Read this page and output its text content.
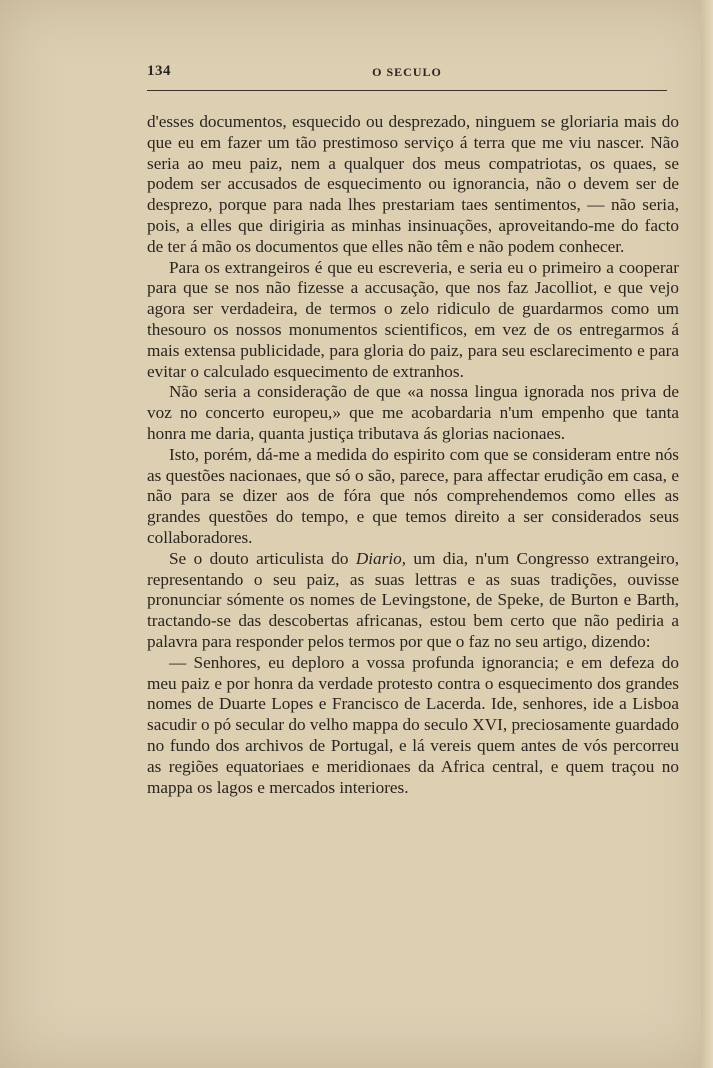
134	O SECULO

d'esses documentos, esquecido ou desprezado, ninguem se gloriaria mais do que eu em fazer um tão prestimoso serviço á terra que me viu nascer. Não seria ao meu paiz, nem a qualquer dos meus compatriotas, os quaes, se podem ser accusados de esquecimento ou ignorancia, não o devem ser de desprezo, porque para nada lhes prestariam taes sentimentos, — não seria, pois, a elles que dirigiria as minhas insinuações, aproveitando-me do facto de ter á mão os documentos que elles não têm e não podem conhecer.

Para os extrangeiros é que eu escreveria, e seria eu o primeiro a cooperar para que se nos não fizesse a accusação, que nos faz Jacolliot, e que vejo agora ser verdadeira, de termos o zelo ridiculo de guardarmos como um thesouro os nossos monumentos scientificos, em vez de os entregarmos á mais extensa publicidade, para gloria do paiz, para seu esclarecimento e para evitar o calculado esquecimento de extranhos.

Não seria a consideração de que «a nossa lingua ignorada nos priva de voz no concerto europeu,» que me acobardaria n'um empenho que tanta honra me daria, quanta justiça tributava ás glorias nacionaes.

Isto, porém, dá-me a medida do espirito com que se consideram entre nós as questões nacionaes, que só o são, parece, para affectar erudição em casa, e não para se dizer aos de fóra que nós comprehendemos como elles as grandes questões do tempo, e que temos direito a ser considerados seus collaboradores.

Se o douto articulista do Diario, um dia, n'um Congresso extrangeiro, representando o seu paiz, as suas lettras e as suas tradições, ouvisse pronunciar sómente os nomes de Levingstone, de Speke, de Burton e Barth, tractando-se das descobertas africanas, estou bem certo que não pediria a palavra para responder pelos termos por que o faz no seu artigo, dizendo:

— Senhores, eu deploro a vossa profunda ignorancia; e em defeza do meu paiz e por honra da verdade protesto contra o esquecimento dos grandes nomes de Duarte Lopes e Francisco de Lacerda. Ide, senhores, ide a Lisboa sacudir o pó secular do velho mappa do seculo XVI, preciosamente guardado no fundo dos archivos de Portugal, e lá vereis quem antes de vós percorreu as regiões equatoriaes e meridionaes da Africa central, e quem traçou no mappa os lagos e mercados interiores.
